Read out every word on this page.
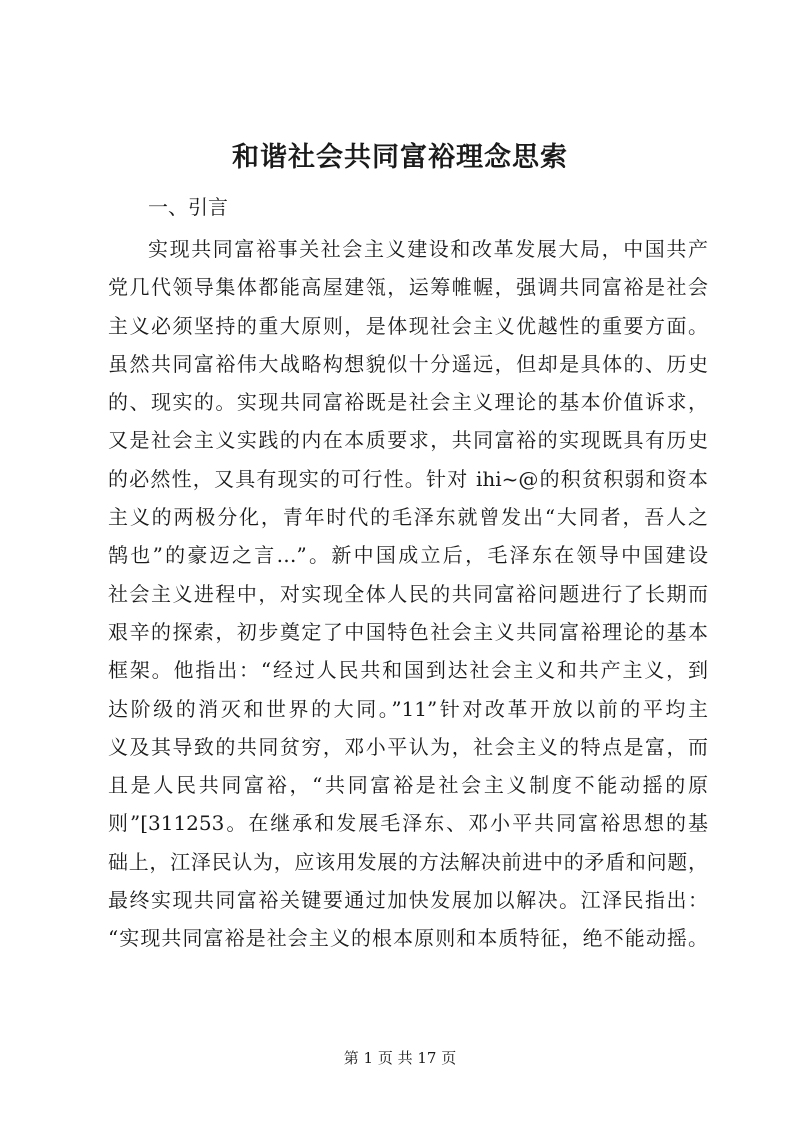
和谐社会共同富裕理念思索
一、引言
实现共同富裕事关社会主义建设和改革发展大局，中国共产
党几代领导集体都能高屋建瓴，运筹帷幄，强调共同富裕是社会
主义必须坚持的重大原则，是体现社会主义优越性的重要方面。
虽然共同富裕伟大战略构想貌似十分遥远，但却是具体的、历史
的、现实的。实现共同富裕既是社会主义理论的基本价值诉求，
又是社会主义实践的内在本质要求，共同富裕的实现既具有历史
的必然性，又具有现实的可行性。针对 ihi~@的积贫积弱和资本
主义的两极分化，青年时代的毛泽东就曾发出“大同者，吾人之
鹄也”的豪迈之言…”。新中国成立后，毛泽东在领导中国建设
社会主义进程中，对实现全体人民的共同富裕问题进行了长期而
艰辛的探索，初步奠定了中国特色社会主义共同富裕理论的基本
框架。他指出：“经过人民共和国到达社会主义和共产主义，到
达阶级的消灭和世界的大同。”11”针对改革开放以前的平均主
义及其导致的共同贫穷，邓小平认为，社会主义的特点是富，而
且是人民共同富裕，“共同富裕是社会主义制度不能动摇的原
则”[311253。在继承和发展毛泽东、邓小平共同富裕思想的基
础上，江泽民认为，应该用发展的方法解决前进中的矛盾和问题，
最终实现共同富裕关键要通过加快发展加以解决。江泽民指出：
“实现共同富裕是社会主义的根本原则和本质特征，绝不能动摇。
第 1 页 共 17 页
